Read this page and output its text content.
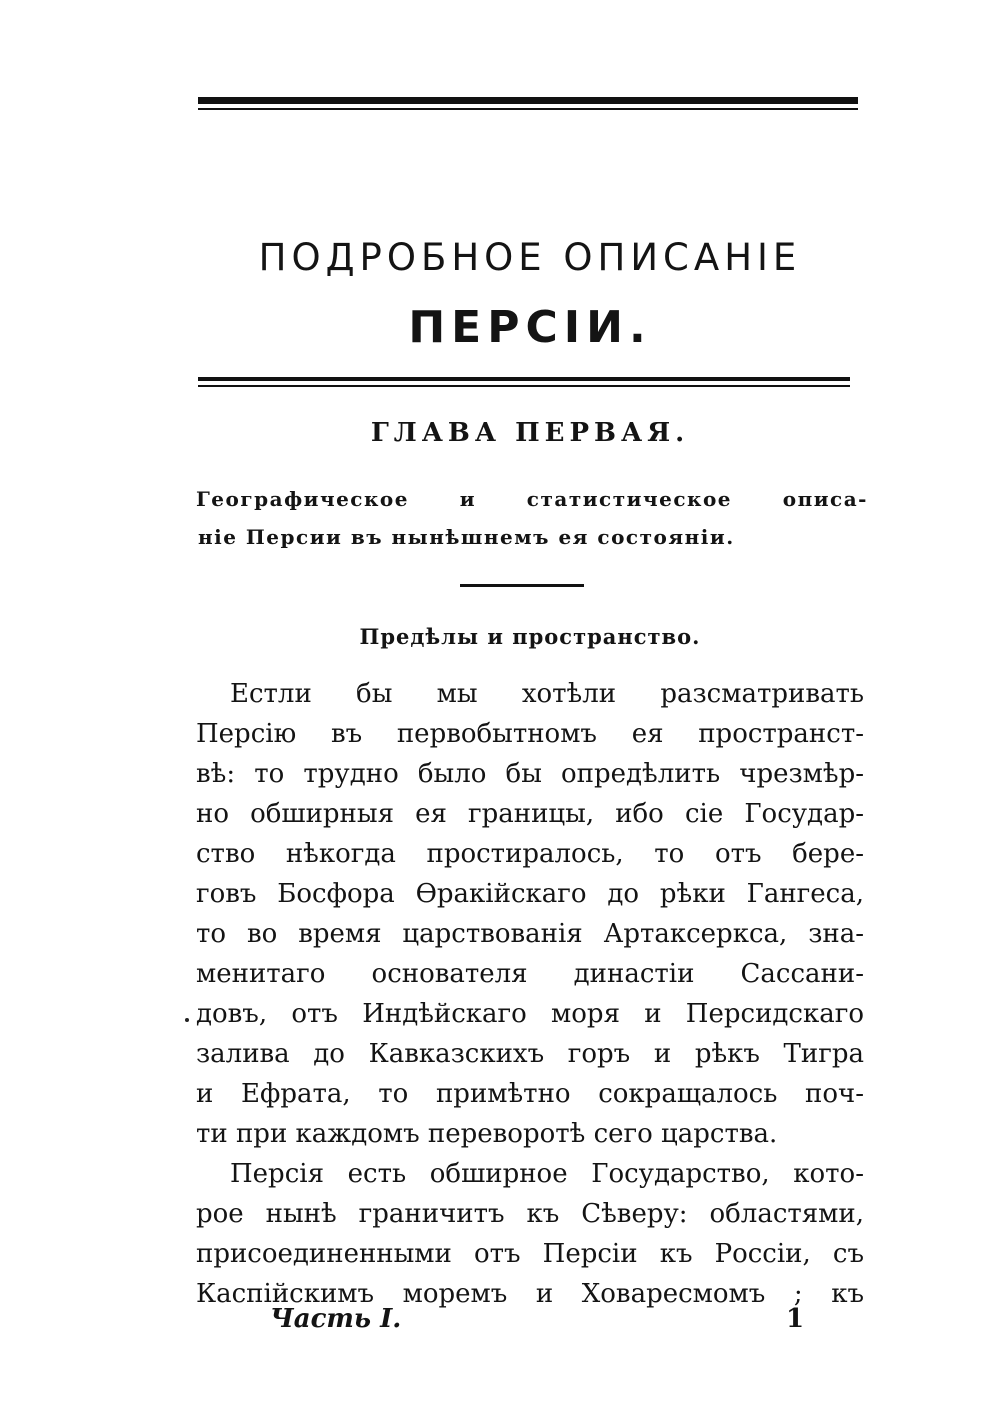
ПОДРОБНОЕ ОПИСАНІЕ
ПЕРСІИ.
ГЛАВА ПЕРВАЯ.
Географическое и статистическое описа-
ніе Персии въ нынѣшнемъ ея состояніи.
Предѣлы и пространство.
Естли бы мы хотѣли разсматривать
Персію въ первобытномъ ея пространст-
вѣ: то трудно было бы опредѣлить чрезмѣр-
но обширныя ея границы, ибо сіе Государ-
ство нѣкогда простиралось, то отъ бере-
говъ Босфора Өракійскаго до рѣки Гангеса,
то во время царствованія Артаксеркса, зна-
менитаго основателя династіи Сассани-
довъ, отъ Индѣйскаго моря и Персидскаго
залива до Кавказскихъ горъ и рѣкъ Тигра
и Ефрата, то примѣтно сокращалось поч-
ти при каждомъ переворотѣ сего царства.
Персія есть обширное Государство, кото-
рое нынѣ граничитъ къ Сѣверу: областями,
присоединенными отъ Персіи къ Россіи, съ
Каспійскимъ моремъ и Ховаресмомъ ; къ
Часть I.	1
